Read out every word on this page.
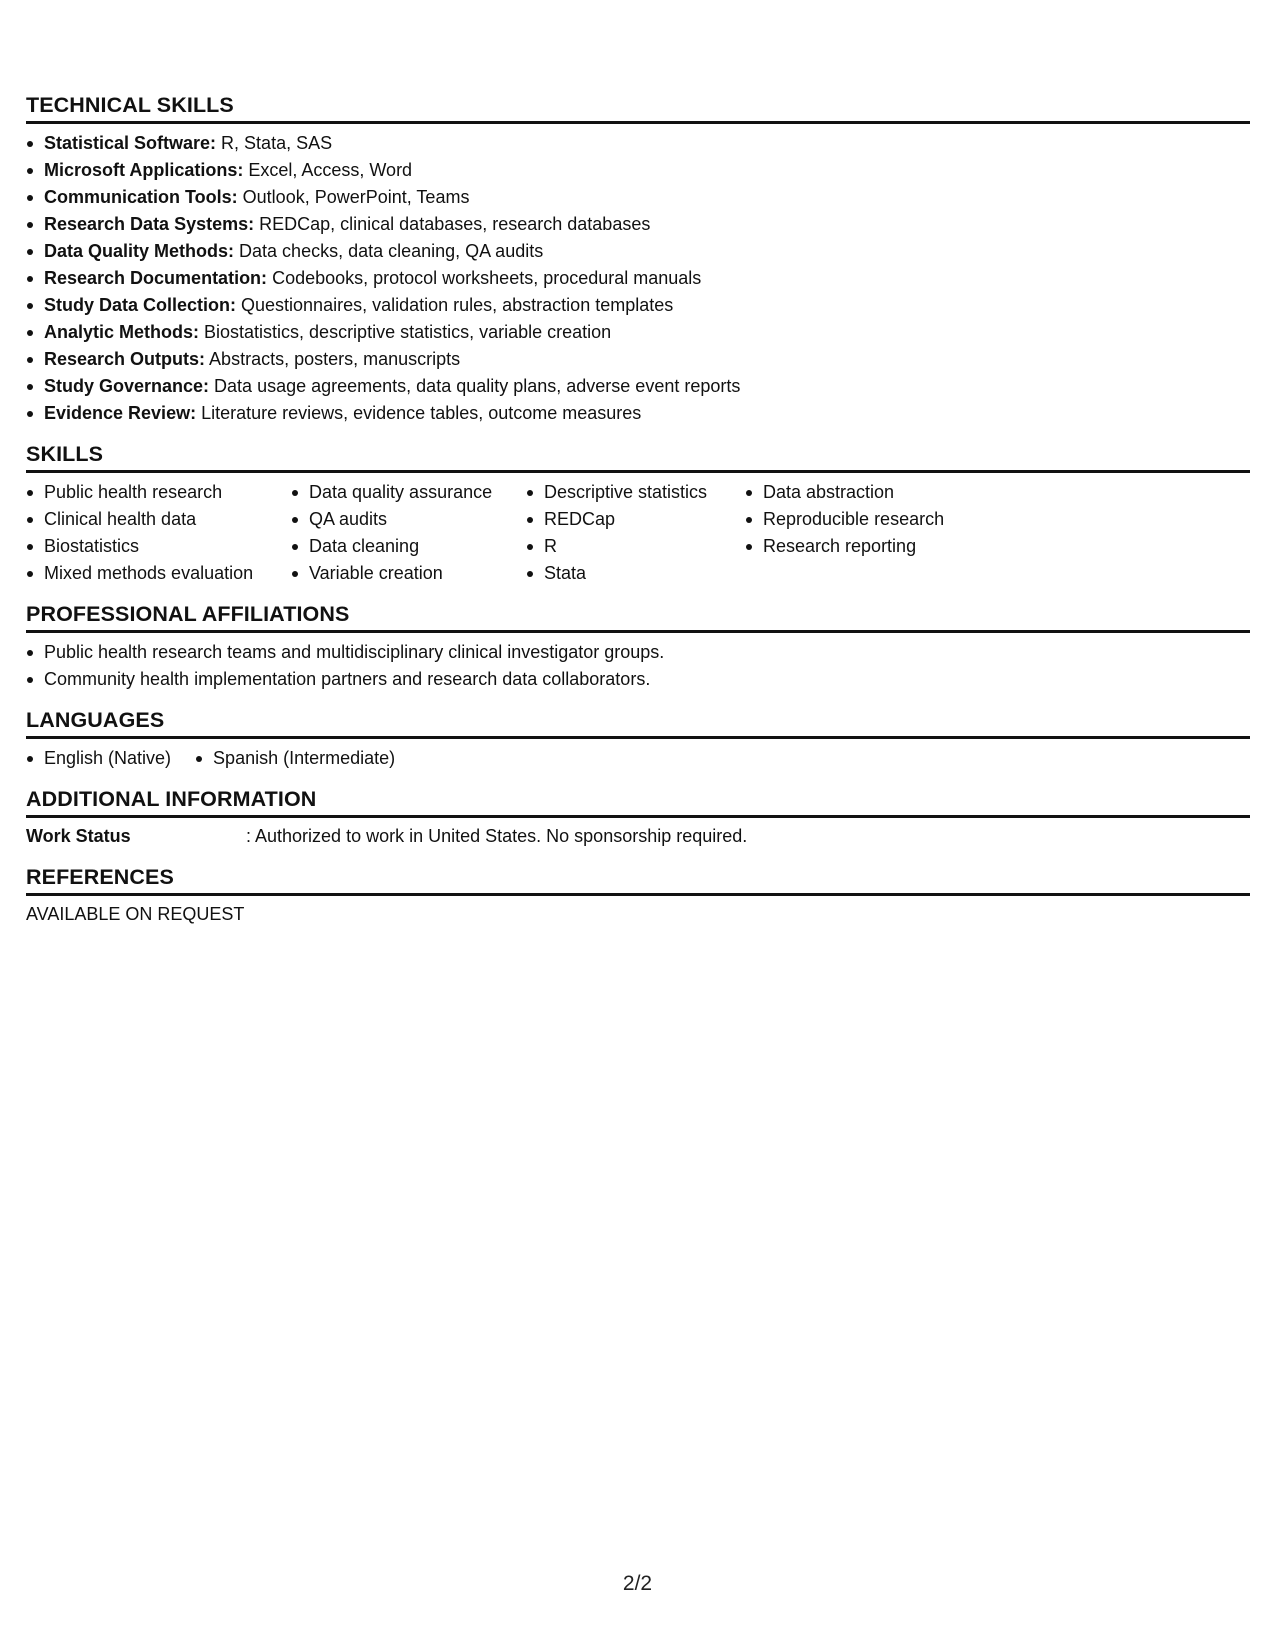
TECHNICAL SKILLS
Statistical Software: R, Stata, SAS
Microsoft Applications: Excel, Access, Word
Communication Tools: Outlook, PowerPoint, Teams
Research Data Systems: REDCap, clinical databases, research databases
Data Quality Methods: Data checks, data cleaning, QA audits
Research Documentation: Codebooks, protocol worksheets, procedural manuals
Study Data Collection: Questionnaires, validation rules, abstraction templates
Analytic Methods: Biostatistics, descriptive statistics, variable creation
Research Outputs: Abstracts, posters, manuscripts
Study Governance: Data usage agreements, data quality plans, adverse event reports
Evidence Review: Literature reviews, evidence tables, outcome measures
SKILLS
Public health research
Clinical health data
Biostatistics
Mixed methods evaluation
Data quality assurance
QA audits
Data cleaning
Variable creation
Descriptive statistics
REDCap
R
Stata
Data abstraction
Reproducible research
Research reporting
PROFESSIONAL AFFILIATIONS
Public health research teams and multidisciplinary clinical investigator groups.
Community health implementation partners and research data collaborators.
LANGUAGES
English (Native)	Spanish (Intermediate)
ADDITIONAL INFORMATION
Work Status	: Authorized to work in United States. No sponsorship required.
REFERENCES
AVAILABLE ON REQUEST
2/2
